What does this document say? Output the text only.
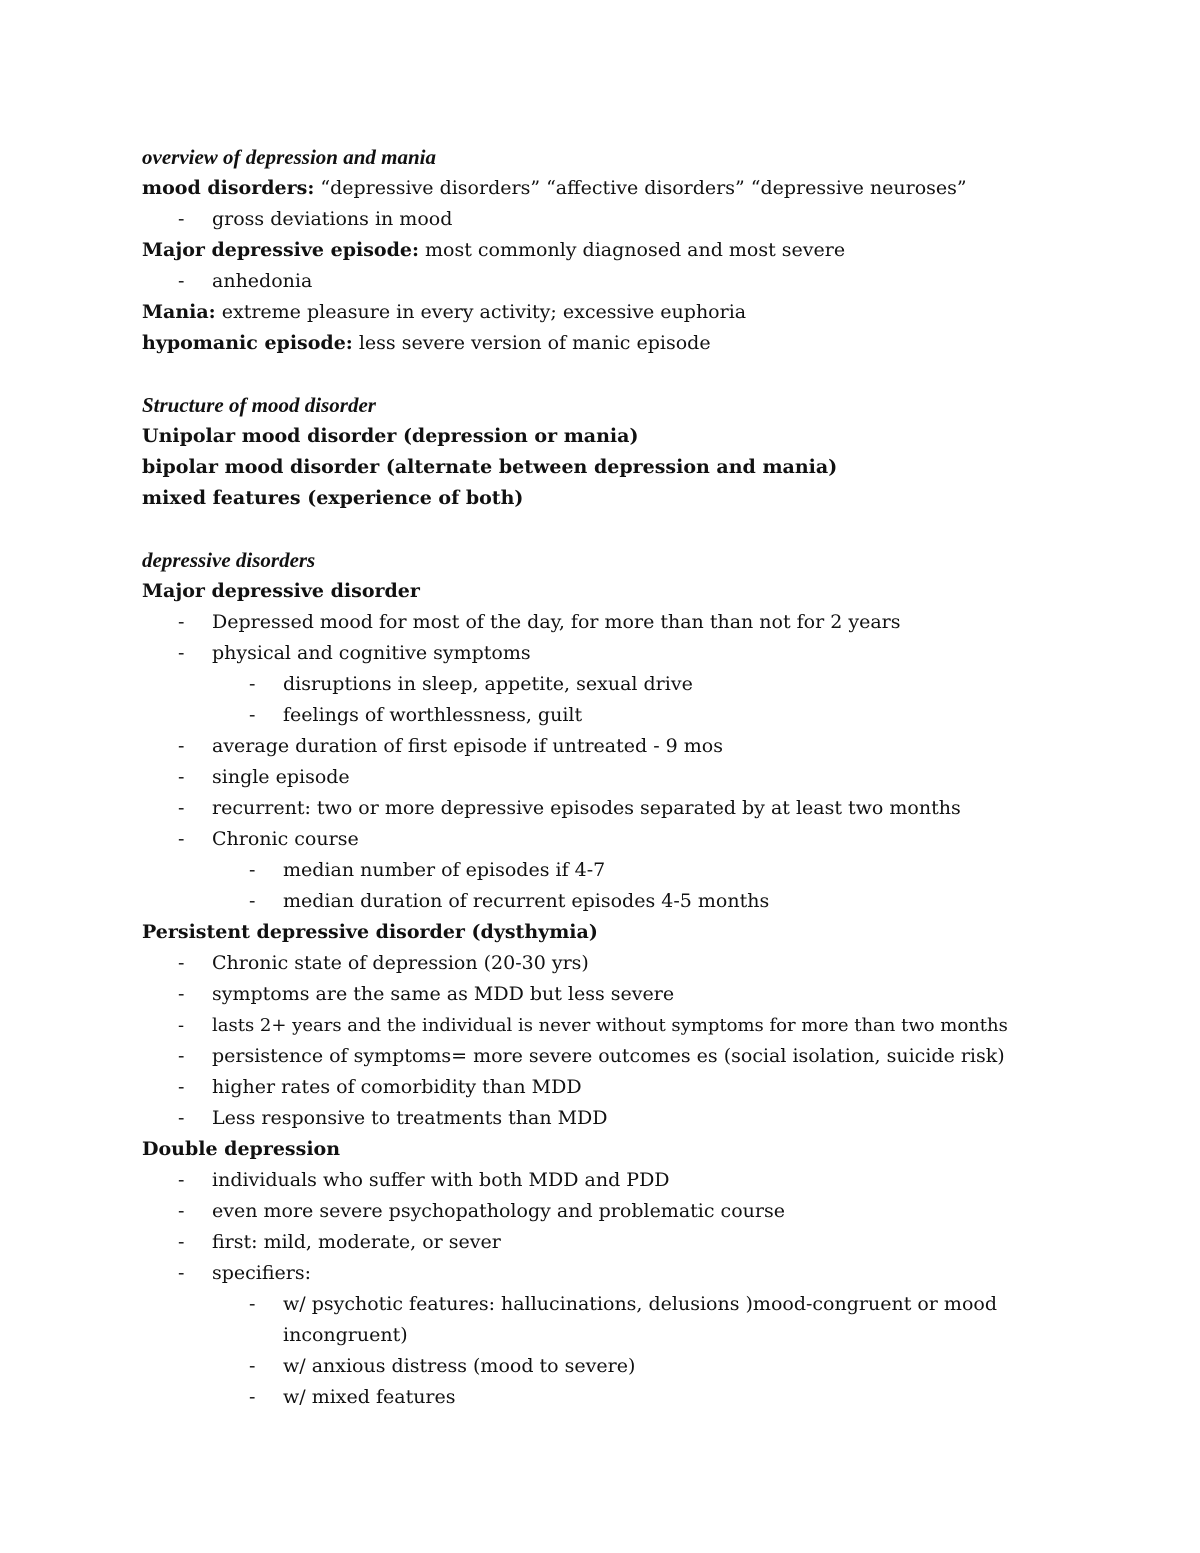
overview of depression and mania
mood disorders: “depressive disorders” “affective disorders” “depressive neuroses”
- gross deviations in mood
Major depressive episode: most commonly diagnosed and most severe
- anhedonia
Mania: extreme pleasure in every activity; excessive euphoria
hypomanic episode: less severe version of manic episode
Structure of mood disorder
Unipolar mood disorder (depression or mania)
bipolar mood disorder (alternate between depression and mania)
mixed features (experience of both)
depressive disorders
Major depressive disorder
- Depressed mood for most of the day, for more than than not for 2 years
- physical and cognitive symptoms
- disruptions in sleep, appetite, sexual drive
- feelings of worthlessness, guilt
- average duration of first episode if untreated - 9 mos
- single episode
- recurrent: two or more depressive episodes separated by at least two months
- Chronic course
- median number of episodes if 4-7
- median duration of recurrent episodes 4-5 months
Persistent depressive disorder (dysthymia)
- Chronic state of depression (20-30 yrs)
- symptoms are the same as MDD but less severe
- lasts 2+ years and the individual is never without symptoms for more than two months
- persistence of symptoms= more severe outcomes es (social isolation, suicide risk)
- higher rates of comorbidity than MDD
- Less responsive to treatments than MDD
Double depression
- individuals who suffer with both MDD and PDD
- even more severe psychopathology and problematic course
- first: mild, moderate, or sever
- specifiers:
- w/ psychotic features: hallucinations, delusions )mood-congruent or mood incongruent)
- w/ anxious distress (mood to severe)
- w/ mixed features
